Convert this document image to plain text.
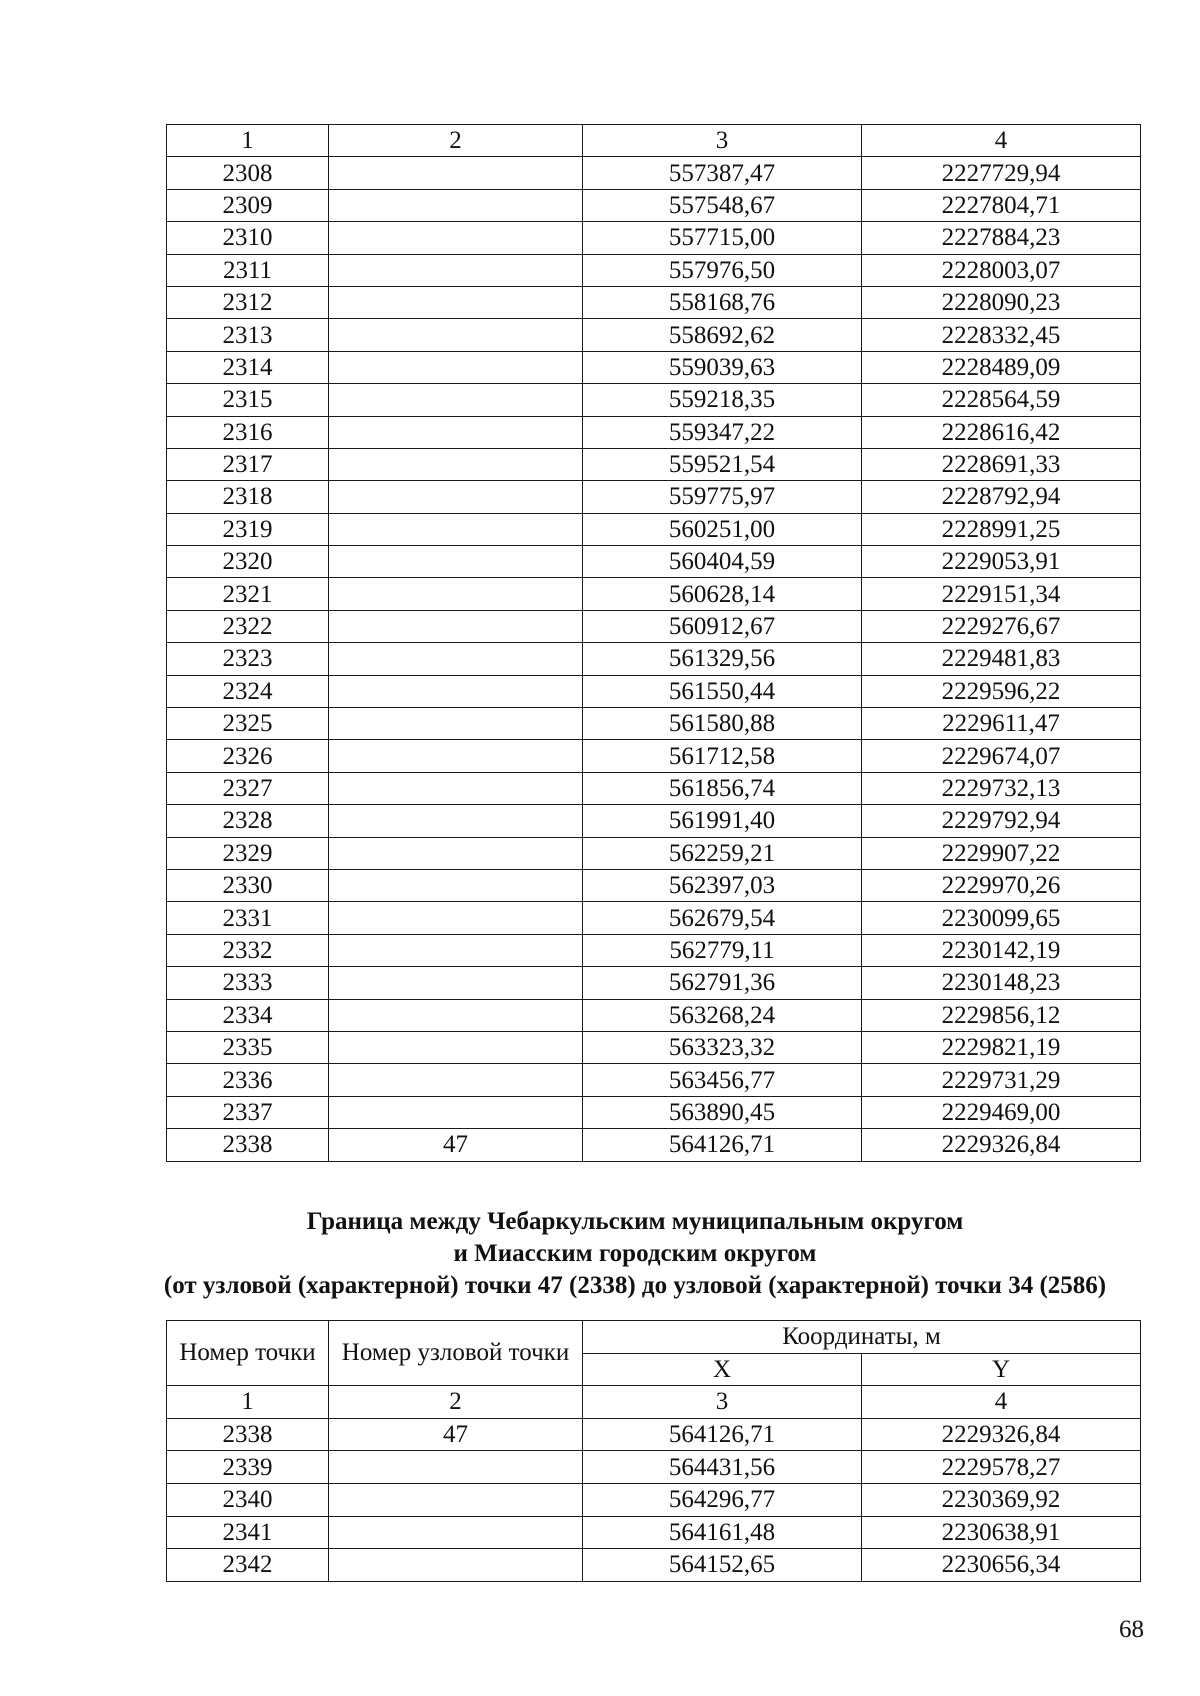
1	2	3	4
2308		557387,47	2227729,94
2309		557548,67	2227804,71
2310		557715,00	2227884,23
2311		557976,50	2228003,07
2312		558168,76	2228090,23
2313		558692,62	2228332,45
2314		559039,63	2228489,09
2315		559218,35	2228564,59
2316		559347,22	2228616,42
2317		559521,54	2228691,33
2318		559775,97	2228792,94
2319		560251,00	2228991,25
2320		560404,59	2229053,91
2321		560628,14	2229151,34
2322		560912,67	2229276,67
2323		561329,56	2229481,83
2324		561550,44	2229596,22
2325		561580,88	2229611,47
2326		561712,58	2229674,07
2327		561856,74	2229732,13
2328		561991,40	2229792,94
2329		562259,21	2229907,22
2330		562397,03	2229970,26
2331		562679,54	2230099,65
2332		562779,11	2230142,19
2333		562791,36	2230148,23
2334		563268,24	2229856,12
2335		563323,32	2229821,19
2336		563456,77	2229731,29
2337		563890,45	2229469,00
2338	47	564126,71	2229326,84
Граница между Чебаркульским муниципальным округом
и Миасским городским округом
(от узловой (характерной) точки 47 (2338) до узловой (характерной) точки 34 (2586)
Номер точки	Номер узловой точки	Координаты, м	
		X	Y
1	2	3	4
2338	47	564126,71	2229326,84
2339		564431,56	2229578,27
2340		564296,77	2230369,92
2341		564161,48	2230638,91
2342		564152,65	2230656,34
68
